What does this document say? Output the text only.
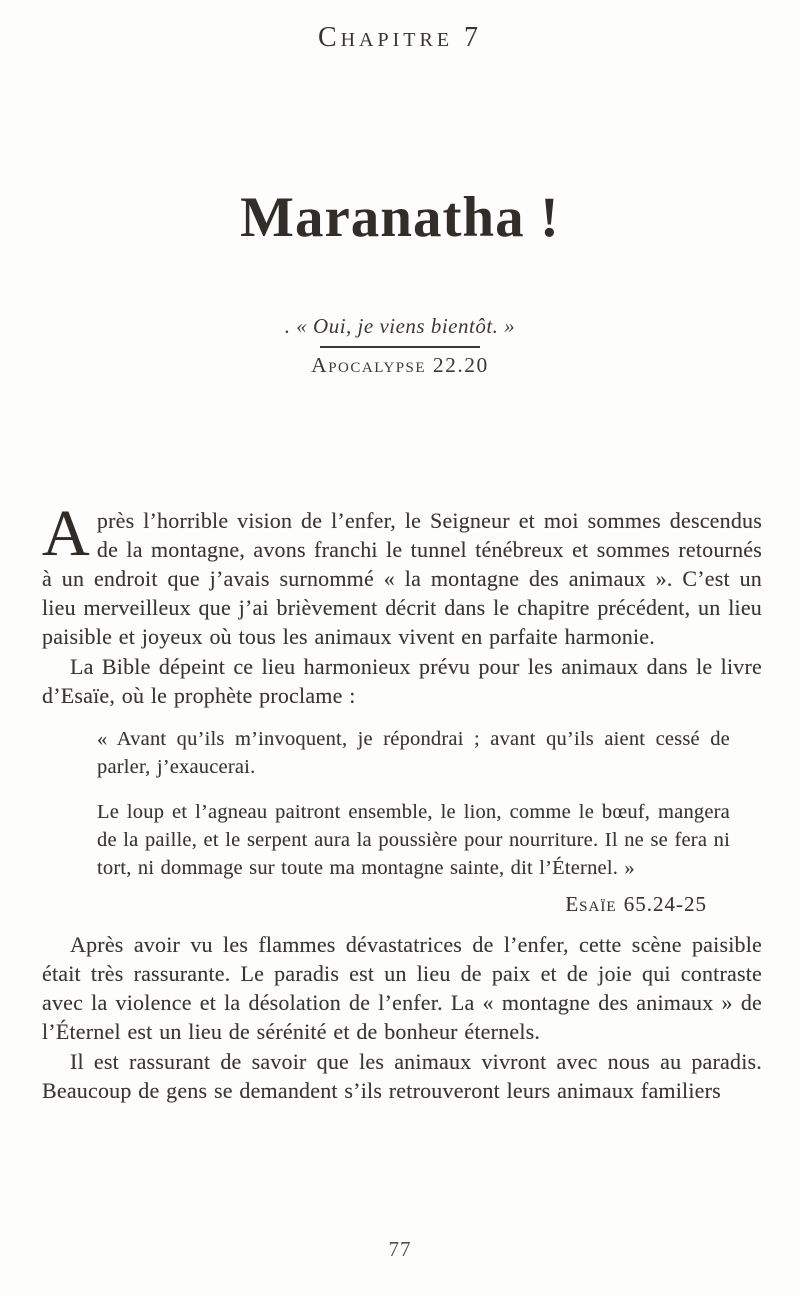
Chapitre 7
Maranatha !
. « Oui, je viens bientôt. »
Apocalypse 22.20

Après l’horrible vision de l’enfer, le Seigneur et moi sommes descendus de la montagne, avons franchi le tunnel ténébreux et sommes retournés à un endroit que j’avais surnommé « la montagne des animaux ». C’est un lieu merveilleux que j’ai brièvement décrit dans le chapitre précédent, un lieu paisible et joyeux où tous les animaux vivent en parfaite harmonie.

La Bible dépeint ce lieu harmonieux prévu pour les animaux dans le livre d’Esaïe, où le prophète proclame :

« Avant qu’ils m’invoquent, je répondrai ; avant qu’ils aient cessé de parler, j’exaucerai.

Le loup et l’agneau paitront ensemble, le lion, comme le bœuf, mangera de la paille, et le serpent aura la poussière pour nourriture. Il ne se fera ni tort, ni dommage sur toute ma montagne sainte, dit l’Éternel. »

Esaïe 65.24-25

Après avoir vu les flammes dévastatrices de l’enfer, cette scène paisible était très rassurante. Le paradis est un lieu de paix et de joie qui contraste avec la violence et la désolation de l’enfer. La « montagne des animaux » de l’Éternel est un lieu de sérénité et de bonheur éternels.

Il est rassurant de savoir que les animaux vivront avec nous au paradis. Beaucoup de gens se demandent s’ils retrouveront leurs animaux familiers

77
